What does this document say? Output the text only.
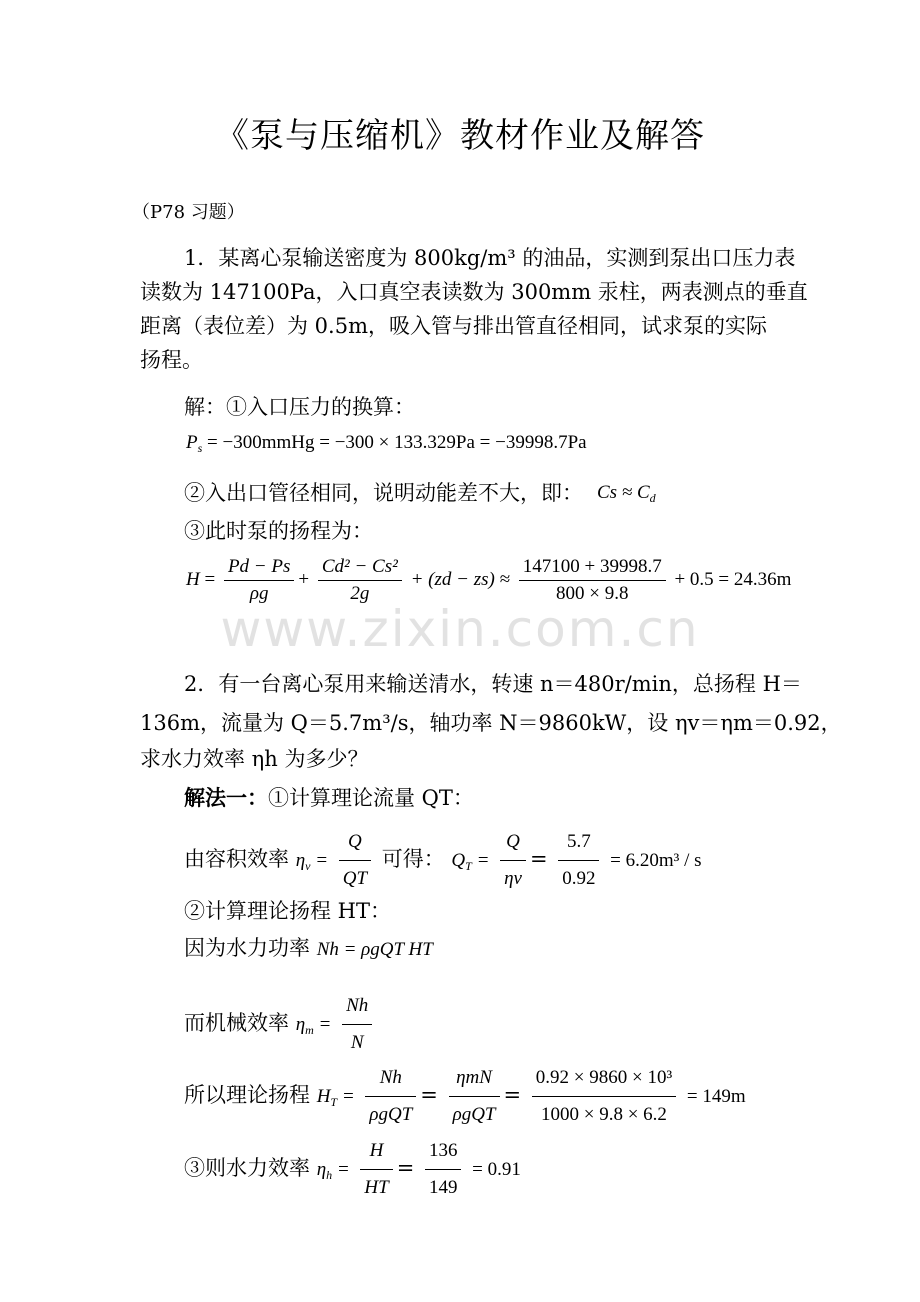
www.zixin.com.cn
《泵与压缩机》教材作业及解答
（P78 习题）
1．某离心泵输送密度为 800kg/m³ 的油品，实测到泵出口压力表
读数为 147100Pa，入口真空表读数为 300mm 汞柱，两表测点的垂直
距离（表位差）为 0.5m，吸入管与排出管直径相同，试求泵的实际
扬程。
解：①入口压力的换算：
$P_s$ = −300mmHg = −300 × 133.329Pa = −39998.7Pa
②入出口管径相同，说明动能差不大，即： $Cs \approx C_d$
③此时泵的扬程为：
$H = \frac{Pd - Ps}{\rho g} + \frac{\text{Cd² − Cs²}}{2g} + (zd - zs) \approx \frac{147100 + 39998.7}{800 \times 9.8} + 0.5 = 24.36m$
2．有一台离心泵用来输送清水，转速 n＝480r/min，总扬程 H＝
136m，流量为 Q＝5.7m³/s，轴功率 N＝9860kW，设 ηv＝ηm＝0.92，
求水力效率 ηh 为多少？
解法一：①计算理论流量 QT：
由容积效率 $\eta_v = \frac{Q}{QT}$ 可得： $Q_T = \frac{Q}{\eta v} = \frac{5.7}{0.92} = 6.20m^3 / s$
②计算理论扬程 HT：
因为水力功率 Nh = ρgQT HT
而机械效率 $\eta_m = \frac{Nh}{N}$
所以理论扬程 $H_T = \frac{Nh}{\text{ρgQT}} = \frac{\text{ηmN}}{\text{ρgQT}} = \frac{\text{0.92 × 9860 × 10³}}{1000 \times 9.8 \times 6.2} = 149m$
③则水力效率 $\eta_h = \frac{H}{HT} = \frac{136}{149} = 0.91$
